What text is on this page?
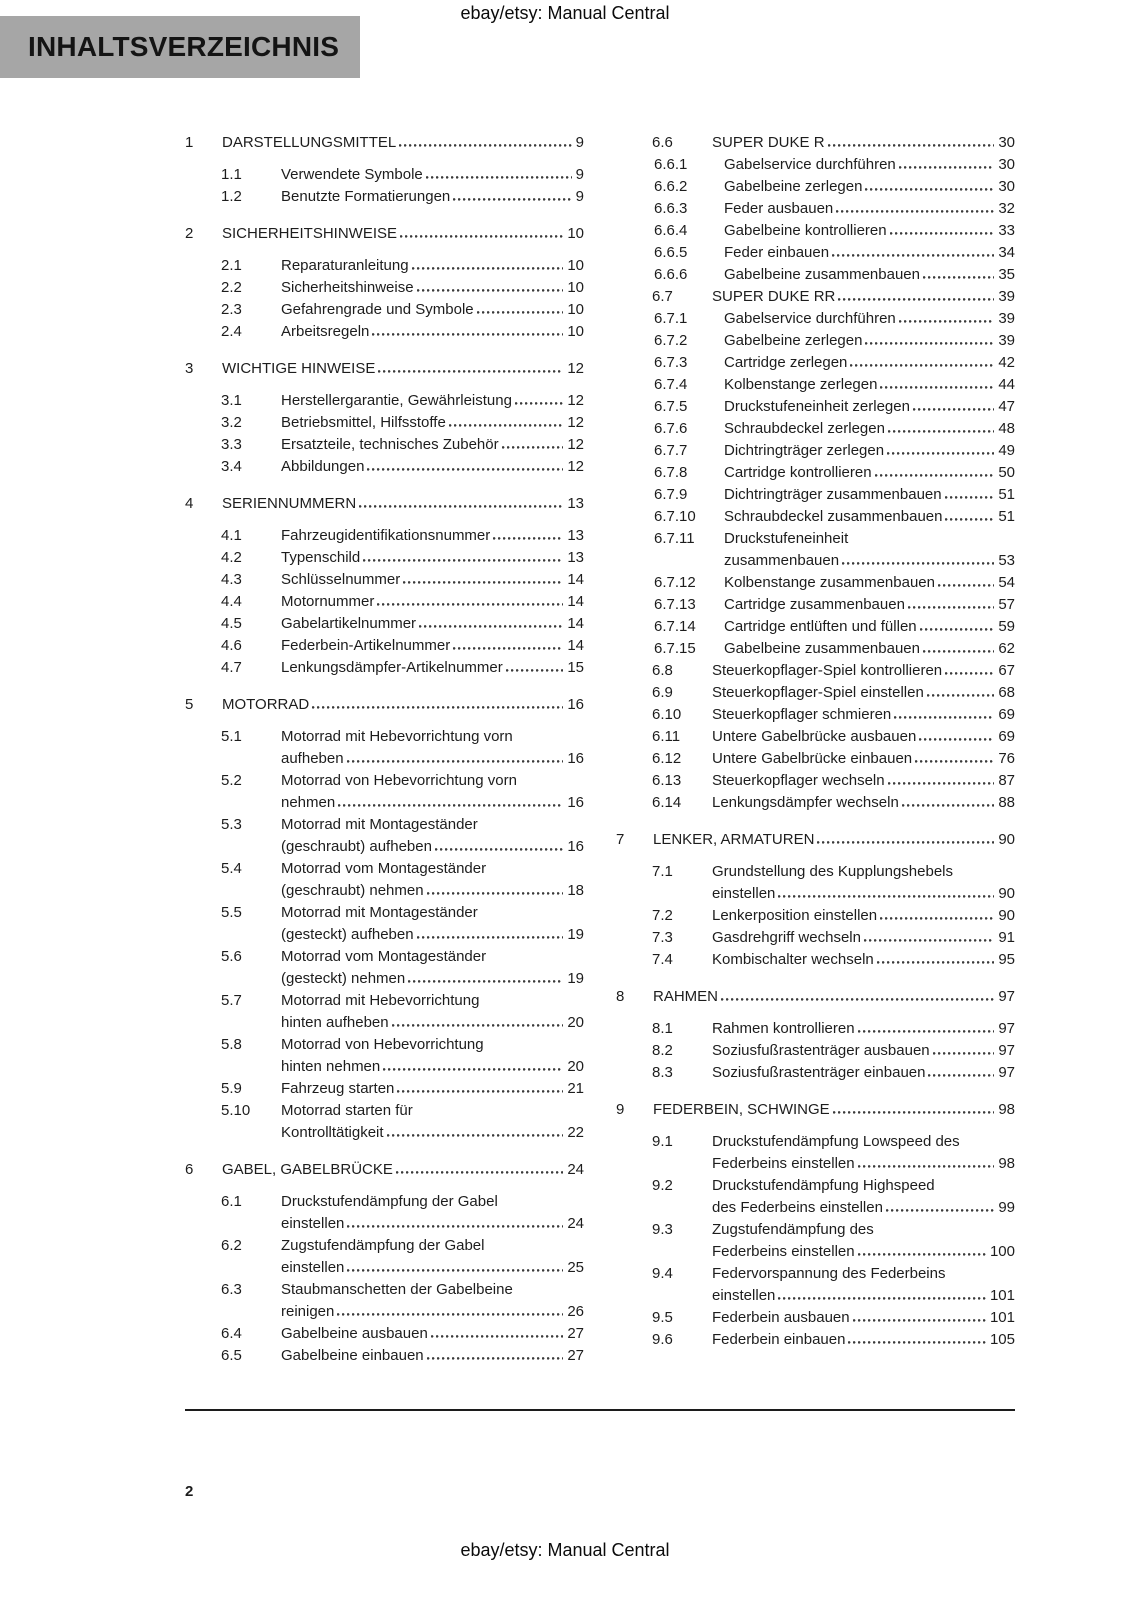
ebay/etsy: Manual Central
INHALTSVERZEICHNIS
1	DARSTELLUNGSMITTEL	9
1.1	Verwendete Symbole	9
1.2	Benutzte Formatierungen	9
2	SICHERHEITSHINWEISE	10
2.1	Reparaturanleitung	10
2.2	Sicherheitshinweise	10
2.3	Gefahrengrade und Symbole	10
2.4	Arbeitsregeln	10
3	WICHTIGE HINWEISE	12
3.1	Herstellergarantie, Gewährleistung	12
3.2	Betriebsmittel, Hilfsstoffe	12
3.3	Ersatzteile, technisches Zubehör	12
3.4	Abbildungen	12
4	SERIENNUMMERN	13
4.1	Fahrzeugidentifikationsnummer	13
4.2	Typenschild	13
4.3	Schlüsselnummer	14
4.4	Motornummer	14
4.5	Gabelartikelnummer	14
4.6	Federbein-Artikelnummer	14
4.7	Lenkungsdämpfer-Artikelnummer	15
5	MOTORRAD	16
5.1	Motorrad mit Hebevorrichtung vorn
aufheben	16
5.2	Motorrad von Hebevorrichtung vorn
nehmen	16
5.3	Motorrad mit Montageständer
(geschraubt) aufheben	16
5.4	Motorrad vom Montageständer
(geschraubt) nehmen	18
5.5	Motorrad mit Montageständer
(gesteckt) aufheben	19
5.6	Motorrad vom Montageständer
(gesteckt) nehmen	19
5.7	Motorrad mit Hebevorrichtung
hinten aufheben	20
5.8	Motorrad von Hebevorrichtung
hinten nehmen	20
5.9	Fahrzeug starten	21
5.10	Motorrad starten für
Kontrolltätigkeit	22
6	GABEL, GABELBRÜCKE	24
6.1	Druckstufendämpfung der Gabel
einstellen	24
6.2	Zugstufendämpfung der Gabel
einstellen	25
6.3	Staubmanschetten der Gabelbeine
reinigen	26
6.4	Gabelbeine ausbauen	27
6.5	Gabelbeine einbauen	27
6.6	SUPER DUKE R	30
6.6.1	Gabelservice durchführen	30
6.6.2	Gabelbeine zerlegen	30
6.6.3	Feder ausbauen	32
6.6.4	Gabelbeine kontrollieren	33
6.6.5	Feder einbauen	34
6.6.6	Gabelbeine zusammenbauen	35
6.7	SUPER DUKE RR	39
6.7.1	Gabelservice durchführen	39
6.7.2	Gabelbeine zerlegen	39
6.7.3	Cartridge zerlegen	42
6.7.4	Kolbenstange zerlegen	44
6.7.5	Druckstufeneinheit zerlegen	47
6.7.6	Schraubdeckel zerlegen	48
6.7.7	Dichtringträger zerlegen	49
6.7.8	Cartridge kontrollieren	50
6.7.9	Dichtringträger zusammenbauen	51
6.7.10	Schraubdeckel zusammenbauen	51
6.7.11	Druckstufeneinheit
zusammenbauen	53
6.7.12	Kolbenstange zusammenbauen	54
6.7.13	Cartridge zusammenbauen	57
6.7.14	Cartridge entlüften und füllen	59
6.7.15	Gabelbeine zusammenbauen	62
6.8	Steuerkopflager-Spiel kontrollieren	67
6.9	Steuerkopflager-Spiel einstellen	68
6.10	Steuerkopflager schmieren	69
6.11	Untere Gabelbrücke ausbauen	69
6.12	Untere Gabelbrücke einbauen	76
6.13	Steuerkopflager wechseln	87
6.14	Lenkungsdämpfer wechseln	88
7	LENKER, ARMATUREN	90
7.1	Grundstellung des Kupplungshebels
einstellen	90
7.2	Lenkerposition einstellen	90
7.3	Gasdrehgriff wechseln	91
7.4	Kombischalter wechseln	95
8	RAHMEN	97
8.1	Rahmen kontrollieren	97
8.2	Soziusfußrastenträger ausbauen	97
8.3	Soziusfußrastenträger einbauen	97
9	FEDERBEIN, SCHWINGE	98
9.1	Druckstufendämpfung Lowspeed des
Federbeins einstellen	98
9.2	Druckstufendämpfung Highspeed
des Federbeins einstellen	99
9.3	Zugstufendämpfung des
Federbeins einstellen	100
9.4	Federvorspannung des Federbeins
einstellen	101
9.5	Federbein ausbauen	101
9.6	Federbein einbauen	105
2
ebay/etsy: Manual Central
